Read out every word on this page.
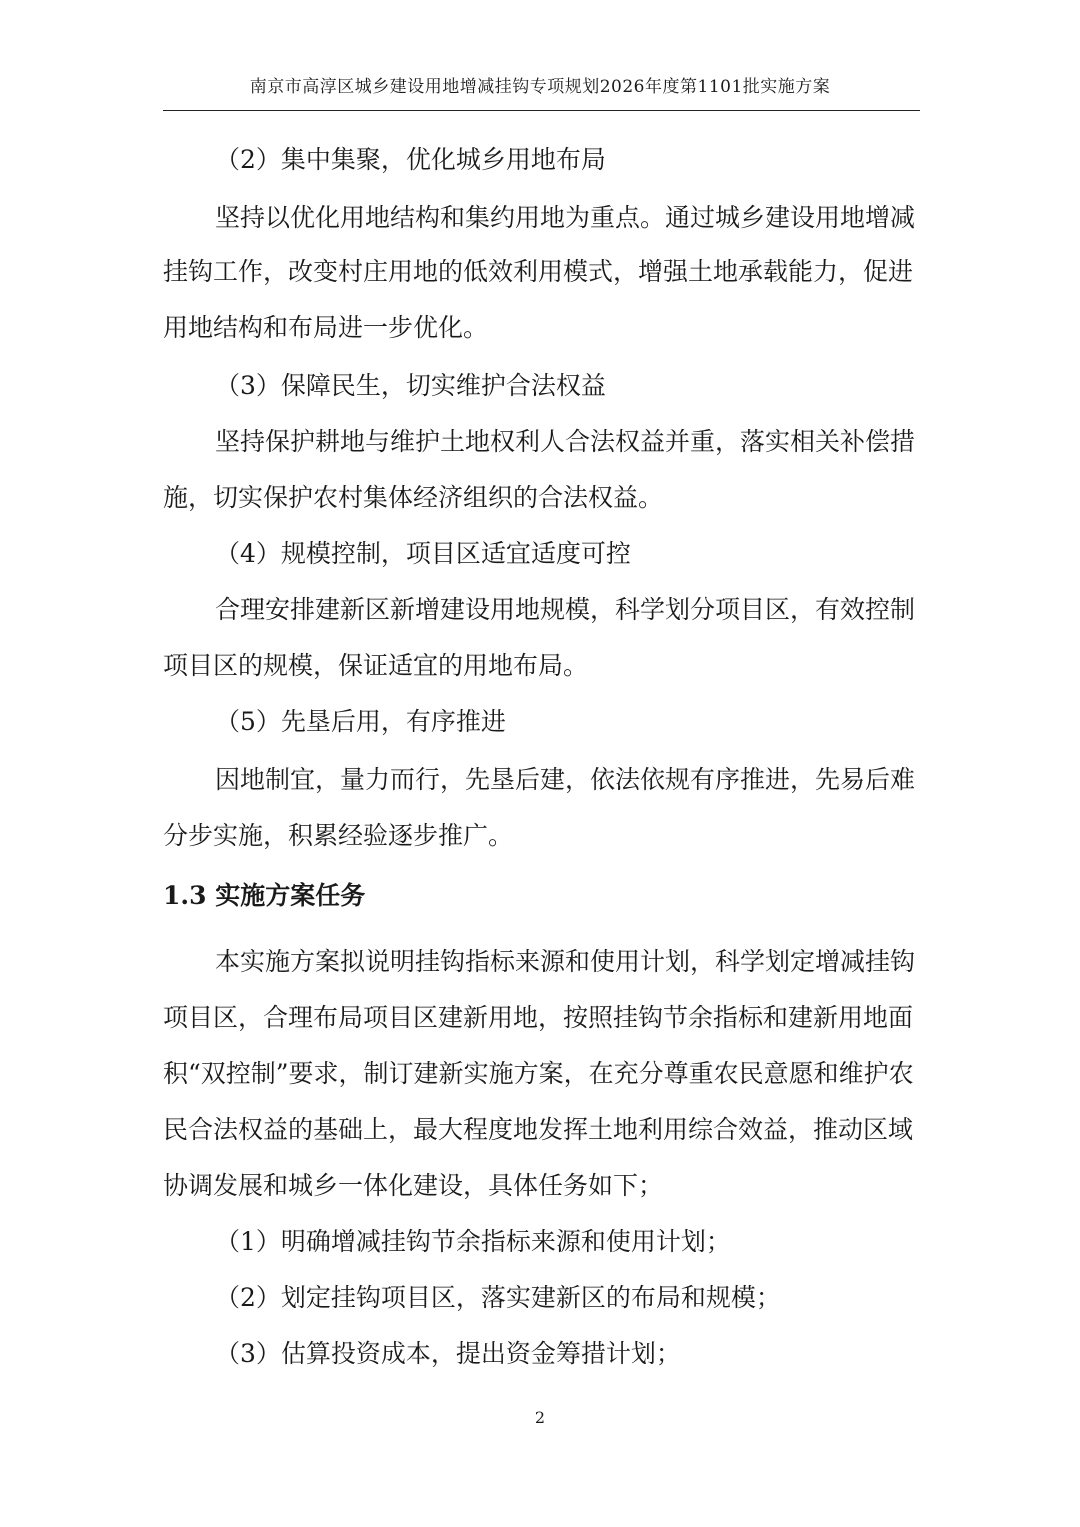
南京市高淳区城乡建设用地增减挂钩专项规划2026年度第1101批实施方案
（2）集中集聚，优化城乡用地布局
坚持以优化用地结构和集约用地为重点。通过城乡建设用地增减
挂钩工作，改变村庄用地的低效利用模式，增强土地承载能力，促进
用地结构和布局进一步优化。
（3）保障民生，切实维护合法权益
坚持保护耕地与维护土地权利人合法权益并重，落实相关补偿措
施，切实保护农村集体经济组织的合法权益。
（4）规模控制，项目区适宜适度可控
合理安排建新区新增建设用地规模，科学划分项目区，有效控制
项目区的规模，保证适宜的用地布局。
（5）先垦后用，有序推进
因地制宜，量力而行，先垦后建，依法依规有序推进，先易后难
分步实施，积累经验逐步推广。
1.3 实施方案任务
本实施方案拟说明挂钩指标来源和使用计划，科学划定增减挂钩
项目区，合理布局项目区建新用地，按照挂钩节余指标和建新用地面
积“双控制”要求，制订建新实施方案，在充分尊重农民意愿和维护农
民合法权益的基础上，最大程度地发挥土地利用综合效益，推动区域
协调发展和城乡一体化建设，具体任务如下；
（1）明确增减挂钩节余指标来源和使用计划；
（2）划定挂钩项目区，落实建新区的布局和规模；
（3）估算投资成本，提出资金筹措计划；
2
